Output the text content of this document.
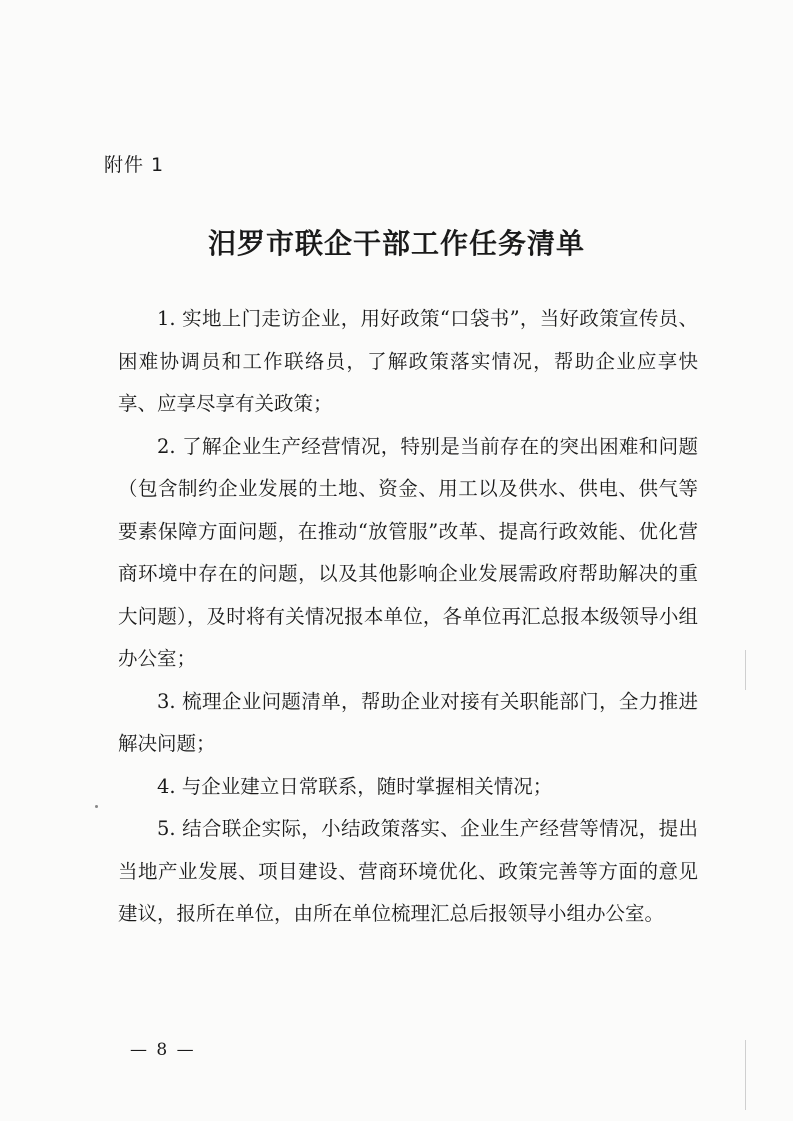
附件 1
汨罗市联企干部工作任务清单

1. 实地上门走访企业，用好政策“口袋书”，当好政策宣传员、困难协调员和工作联络员，了解政策落实情况，帮助企业应享快享、应享尽享有关政策；

2. 了解企业生产经营情况，特别是当前存在的突出困难和问题（包含制约企业发展的土地、资金、用工以及供水、供电、供气等要素保障方面问题，在推动“放管服”改革、提高行政效能、优化营商环境中存在的问题，以及其他影响企业发展需政府帮助解决的重大问题），及时将有关情况报本单位，各单位再汇总报本级领导小组办公室；

3. 梳理企业问题清单，帮助企业对接有关职能部门，全力推进解决问题；

4. 与企业建立日常联系，随时掌握相关情况；

5. 结合联企实际，小结政策落实、企业生产经营等情况，提出当地产业发展、项目建设、营商环境优化、政策完善等方面的意见建议，报所在单位，由所在单位梳理汇总后报领导小组办公室。

— 8 —
